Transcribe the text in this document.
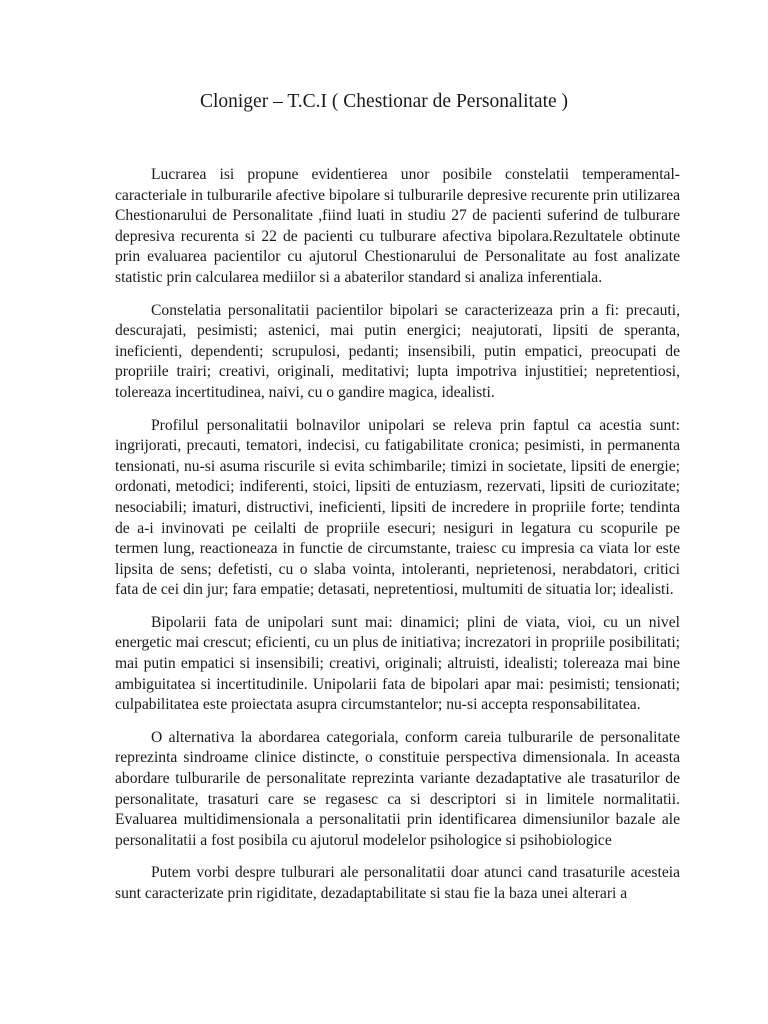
Cloniger – T.C.I ( Chestionar de Personalitate )

Lucrarea isi propune evidentierea unor posibile constelatii temperamental-caracteriale in tulburarile afective bipolare si tulburarile depresive recurente prin utilizarea Chestionarului de Personalitate ,fiind luati in studiu 27 de pacienti suferind de tulburare depresiva recurenta si 22 de pacienti cu tulburare afectiva bipolara.Rezultatele obtinute prin evaluarea pacientilor cu ajutorul Chestionarului de Personalitate au fost analizate statistic prin calcularea mediilor si a abaterilor standard si analiza inferentiala.

Constelatia personalitatii pacientilor bipolari se caracterizeaza prin a fi: precauti, descurajati, pesimisti; astenici, mai putin energici; neajutorati, lipsiti de speranta, ineficienti, dependenti; scrupulosi, pedanti; insensibili, putin empatici, preocupati de propriile trairi; creativi, originali, meditativi; lupta impotriva injustitiei; nepretentiosi, tolereaza incertitudinea, naivi, cu o gandire magica, idealisti.

Profilul personalitatii bolnavilor unipolari se releva prin faptul ca acestia sunt: ingrijorati, precauti, tematori, indecisi, cu fatigabilitate cronica; pesimisti, in permanenta tensionati, nu-si asuma riscurile si evita schimbarile; timizi in societate, lipsiti de energie; ordonati, metodici; indiferenti, stoici, lipsiti de entuziasm, rezervati, lipsiti de curiozitate; nesociabili; imaturi, distructivi, ineficienti, lipsiti de incredere in propriile forte; tendinta de a-i invinovati pe ceilalti de propriile esecuri; nesiguri in legatura cu scopurile pe termen lung, reactioneaza in functie de circumstante, traiesc cu impresia ca viata lor este lipsita de sens; defetisti, cu o slaba vointa, intoleranti, neprietenosi, nerabdatori, critici fata de cei din jur; fara empatie; detasati, nepretentiosi, multumiti de situatia lor; idealisti.

Bipolarii fata de unipolari sunt mai: dinamici; plini de viata, vioi, cu un nivel energetic mai crescut; eficienti, cu un plus de initiativa; increzatori in propriile posibilitati; mai putin empatici si insensibili; creativi, originali; altruisti, idealisti; tolereaza mai bine ambiguitatea si incertitudinile. Unipolarii fata de bipolari apar mai: pesimisti; tensionati; culpabilitatea este proiectata asupra circumstantelor; nu-si accepta responsabilitatea.

O alternativa la abordarea categoriala, conform careia tulburarile de personalitate reprezinta sindroame clinice distincte, o constituie perspectiva dimensionala. In aceasta abordare tulburarile de personalitate reprezinta variante dezadaptative ale trasaturilor de personalitate, trasaturi care se regasesc ca si descriptori si in limitele normalitatii. Evaluarea multidimensionala a personalitatii prin identificarea dimensiunilor bazale ale personalitatii a fost posibila cu ajutorul modelelor psihologice si psihobiologice

Putem vorbi despre tulburari ale personalitatii doar atunci cand trasaturile acesteia sunt caracterizate prin rigiditate, dezadaptabilitate si stau fie la baza unei alterari a
